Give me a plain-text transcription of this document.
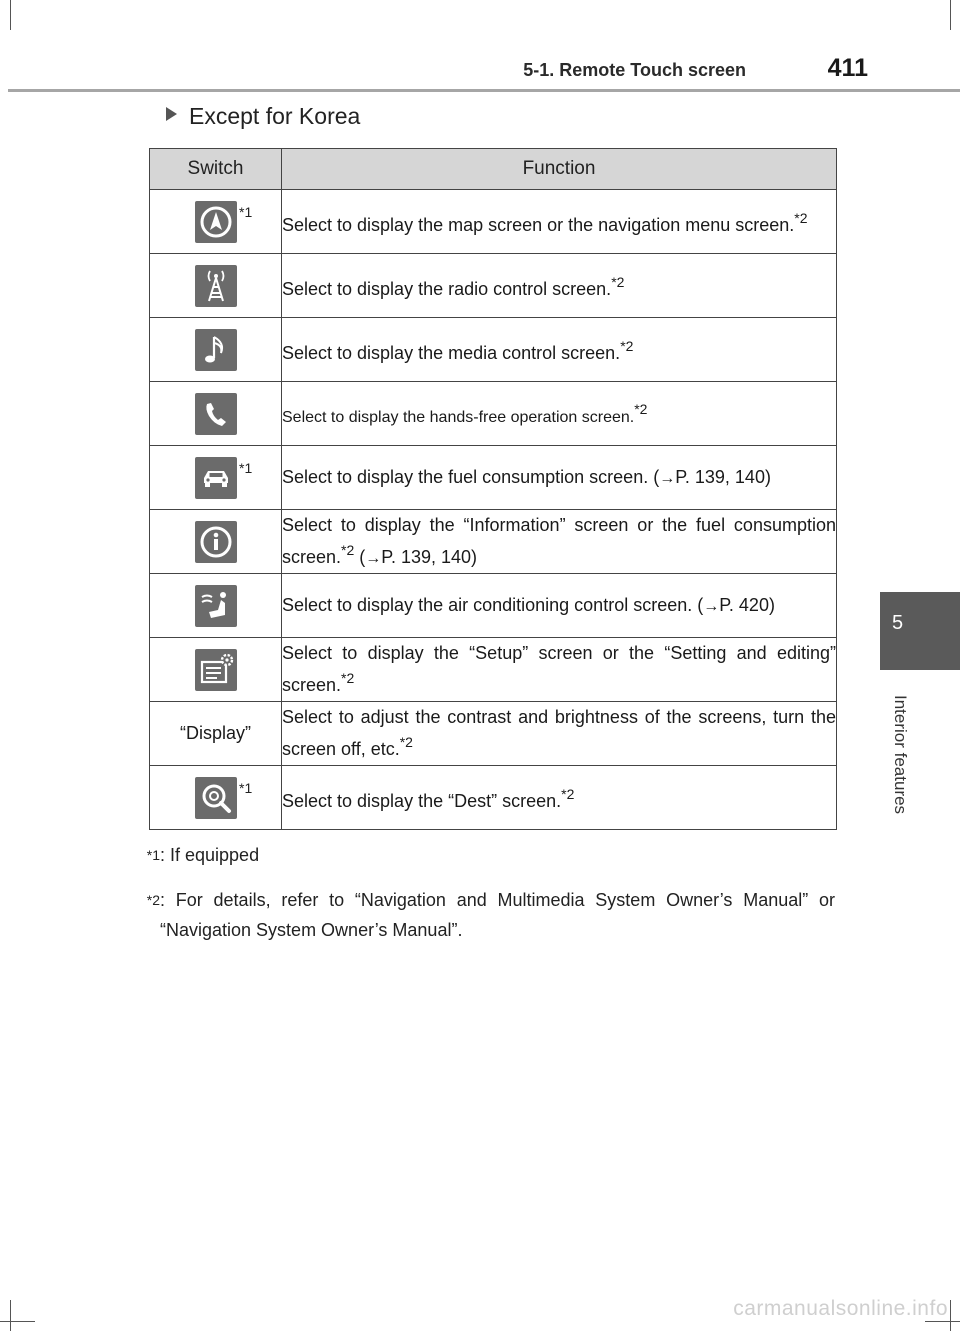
5-1. Remote Touch screen	411
5
Interior features
Except for Korea
Switch	Function

*1	Select to display the map screen or the navigation menu screen.$^{*2}$

	Select to display the radio control screen.$^{*2}$

	Select to display the media control screen.$^{*2}$

	Select to display the hands-free operation screen.*2

*1	Select to display the fuel consumption screen. (→P. 139, 140)

	Select to display the “Information” screen or the fuel consumption screen.$^{*2}$ (→P. 139, 140)

	Select to display the air conditioning control screen. (→P. 420)

	Select to display the “Setup” screen or the “Setting and editing” screen.$^{*2}$
“Display”	Select to adjust the contrast and brightness of the screens, turn the screen off, etc.$^{*2}$

*1	Select to display the “Dest” screen.$^{*2}$
$^{*1}$ : If equipped
$^{*2}$ : For details, refer to “Navigation and Multimedia System Owner’s Manual” or “Navigation System Owner’s Manual”.
carmanualsonline.info
